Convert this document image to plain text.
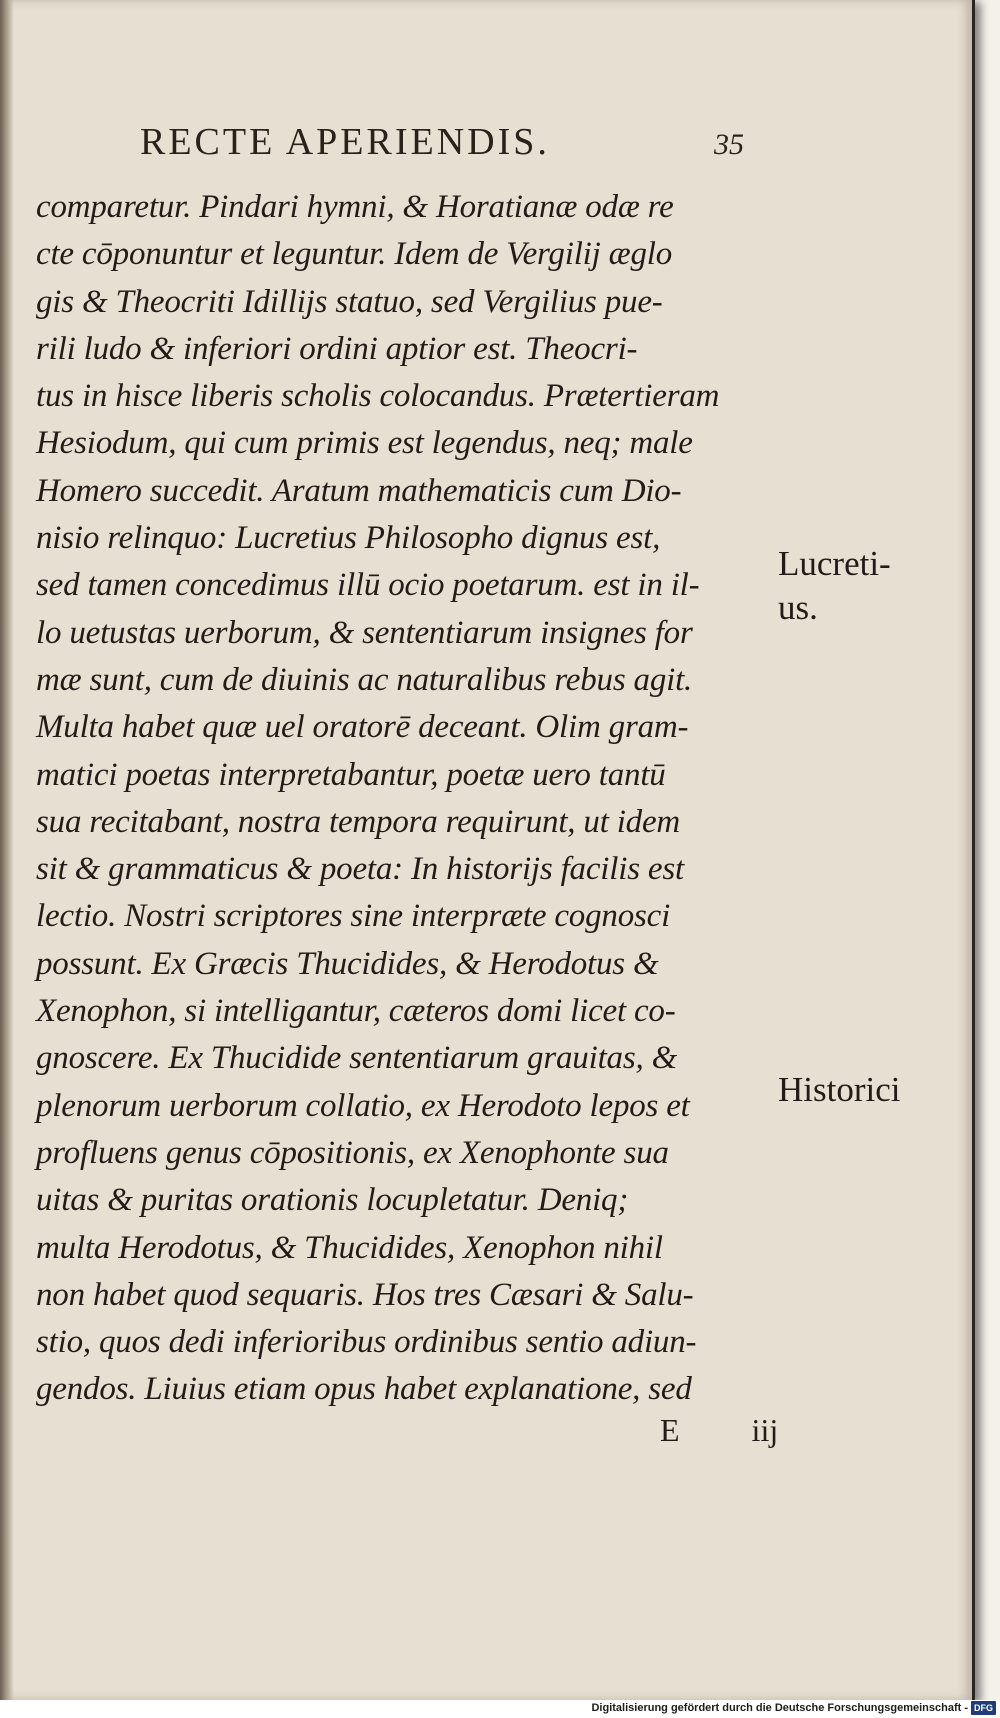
RECTE APERIENDIS.	35
comparetur. Pindari hymni, & Horatianæ odæ re
cte cōponuntur et leguntur. Idem de Vergilij æglo
gis & Theocriti Idillijs statuo, sed Vergilius pue-
rili ludo & inferiori ordini aptior est. Theocri-
tus in hisce liberis scholis colocandus. Prætertieram
Hesiodum, qui cum primis est legendus, neq; male
Homero succedit. Aratum mathematicis cum Dio-
nisio relinquo: Lucretius Philosopho dignus est,
sed tamen concedimus illū ocio poetarum. est in il-
lo uetustas uerborum, & sententiarum insignes for
mæ sunt, cum de diuinis ac naturalibus rebus agit.
Multa habet quæ uel oratorē deceant. Olim gram-
matici poetas interpretabantur, poetæ uero tantū
sua recitabant, nostra tempora requirunt, ut idem
sit & grammaticus & poeta: In historijs facilis est
lectio. Nostri scriptores sine interpræte cognosci
possunt. Ex Græcis Thucidides, & Herodotus &
Xenophon, si intelligantur, cæteros domi licet co-
gnoscere. Ex Thucidide sententiarum grauitas, &
plenorum uerborum collatio, ex Herodoto lepos et
profluens genus cōpositionis, ex Xenophonte sua
uitas & puritas orationis locupletatur. Deniq;
multa Herodotus, & Thucidides, Xenophon nihil
non habet quod sequaris. Hos tres Cæsari & Salu-
stio, quos dedi inferioribus ordinibus sentio adiun-
gendos. Liuius etiam opus habet explanatione, sed
Lucreti-
us.
Historici
E iij
Digitalisierung gefördert durch die Deutsche Forschungsgemeinschaft - DFG
